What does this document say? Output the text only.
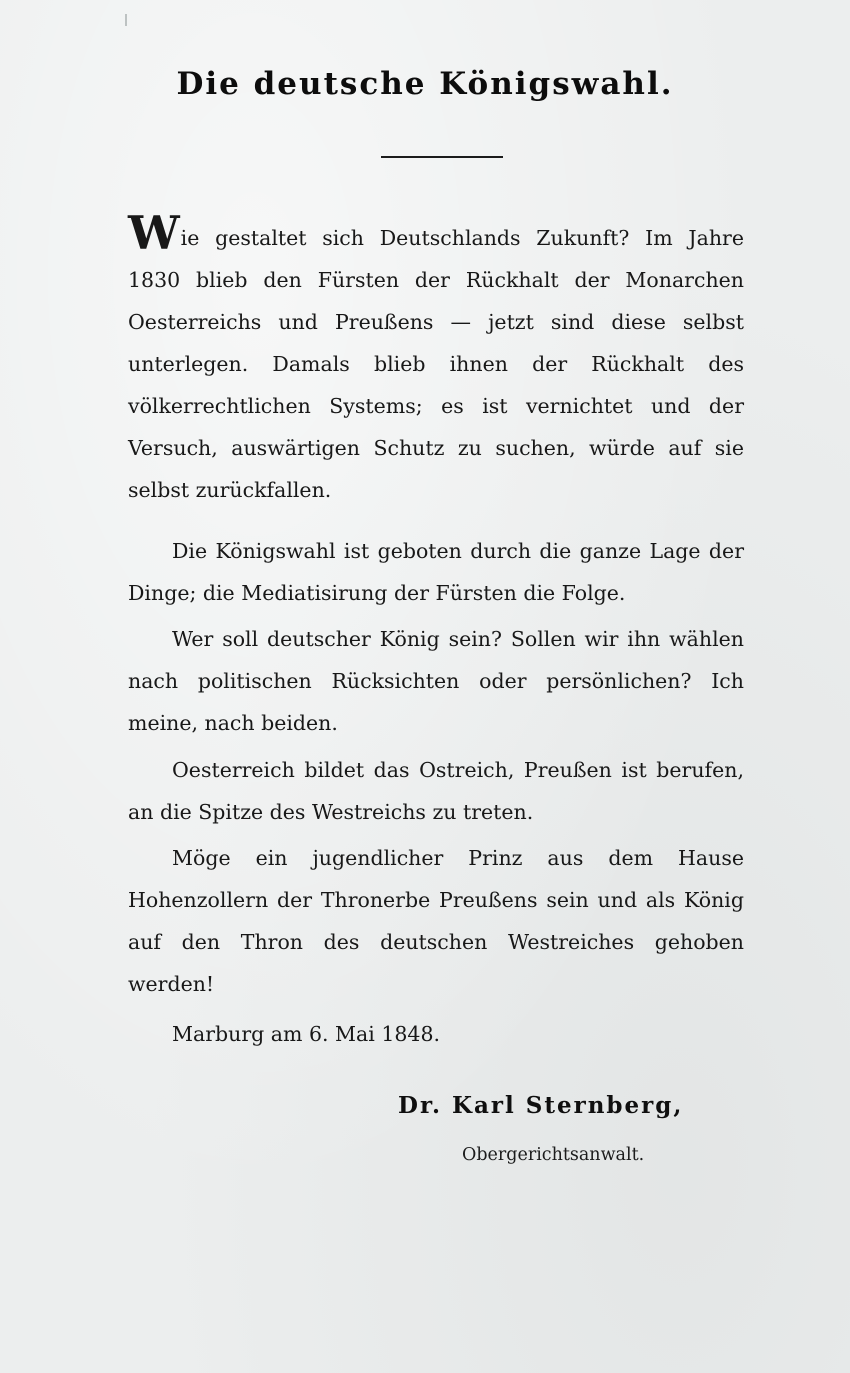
Die deutsche Königswahl.

Wie gestaltet sich Deutschlands Zukunft? Im Jahre 1830 blieb den Fürsten der Rückhalt der Monarchen Oesterreichs und Preußens — jetzt sind diese selbst unterlegen. Damals blieb ihnen der Rückhalt des völkerrechtlichen Systems; es ist vernichtet und der Versuch, auswärtigen Schutz zu suchen, würde auf sie selbst zurückfallen.

Die Königswahl ist geboten durch die ganze Lage der Dinge; die Mediatisirung der Fürsten die Folge.

Wer soll deutscher König sein? Sollen wir ihn wählen nach politischen Rücksichten oder persönlichen? Ich meine, nach beiden.

Oesterreich bildet das Ostreich, Preußen ist berufen, an die Spitze des Westreichs zu treten.

Möge ein jugendlicher Prinz aus dem Hause Hohenzollern der Thronerbe Preußens sein und als König auf den Thron des deutschen Westreiches gehoben werden!

Marburg am 6. Mai 1848.
Dr. Karl Sternberg,
Obergerichtsanwalt.
